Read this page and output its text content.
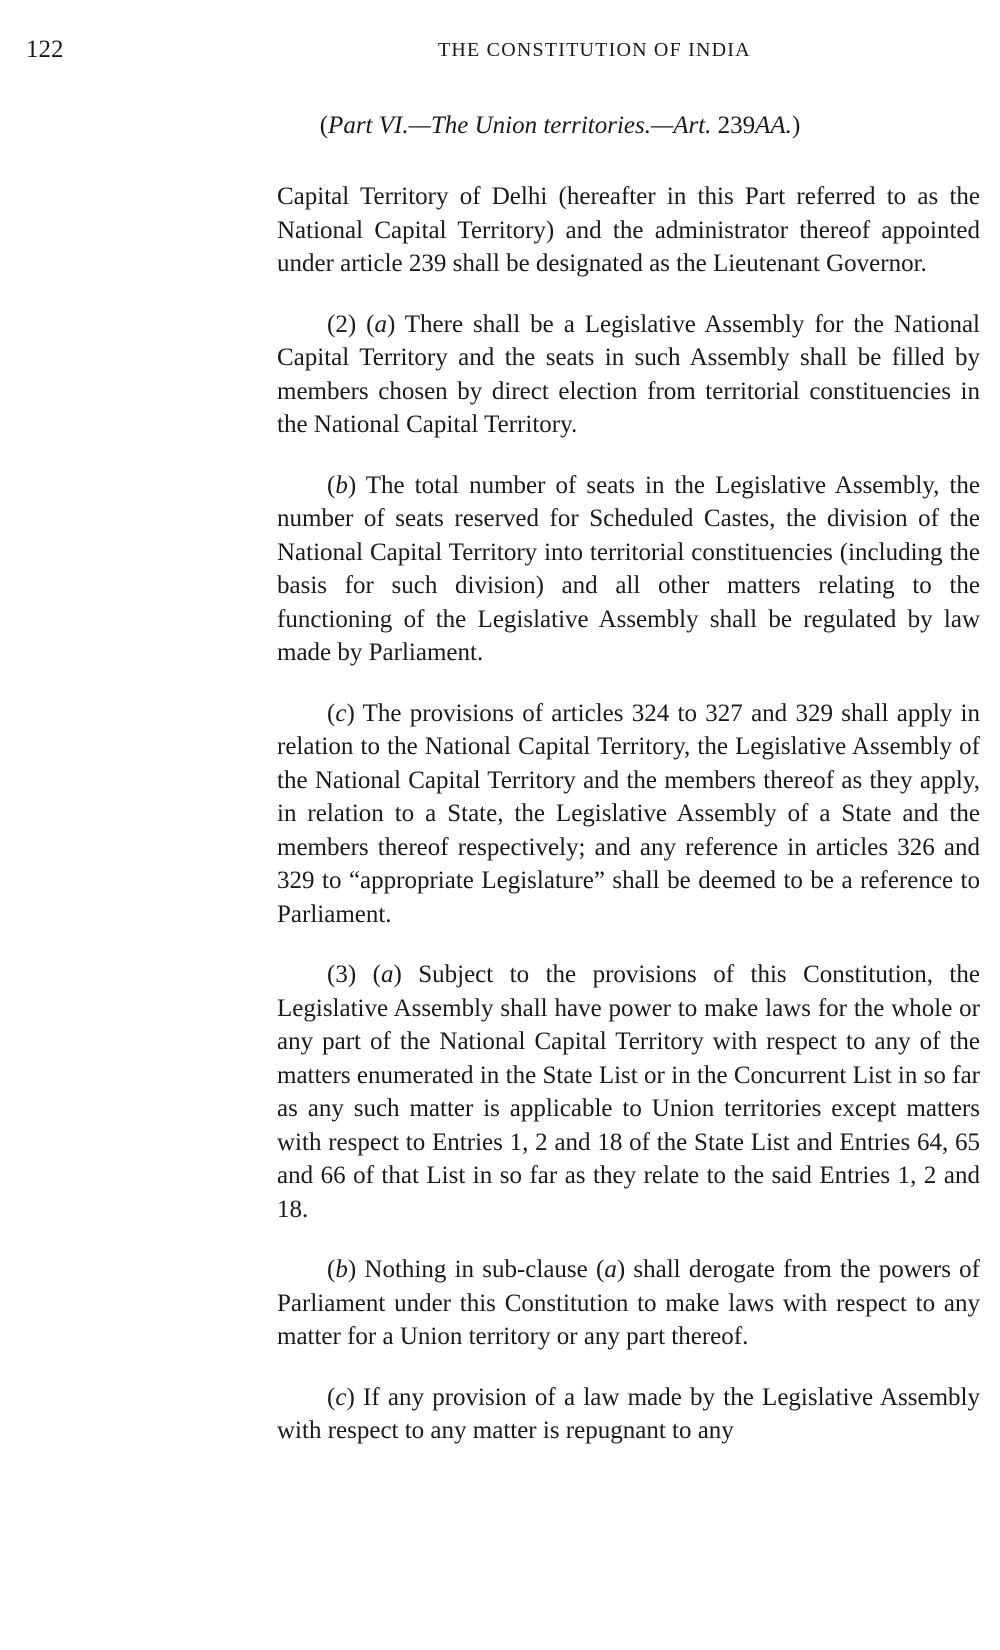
122	THE CONSTITUTION OF INDIA
(Part VI.—The Union territories.—Art. 239AA.)

Capital Territory of Delhi (hereafter in this Part referred to as the National Capital Territory) and the administrator thereof appointed under article 239 shall be designated as the Lieutenant Governor.

(2) (a) There shall be a Legislative Assembly for the National Capital Territory and the seats in such Assembly shall be filled by members chosen by direct election from territorial constituencies in the National Capital Territory.

(b) The total number of seats in the Legislative Assembly, the number of seats reserved for Scheduled Castes, the division of the National Capital Territory into territorial constituencies (including the basis for such division) and all other matters relating to the functioning of the Legislative Assembly shall be regulated by law made by Parliament.

(c) The provisions of articles 324 to 327 and 329 shall apply in relation to the National Capital Territory, the Legislative Assembly of the National Capital Territory and the members thereof as they apply, in relation to a State, the Legislative Assembly of a State and the members thereof respectively; and any reference in articles 326 and 329 to “appropriate Legislature” shall be deemed to be a reference to Parliament.

(3) (a) Subject to the provisions of this Constitution, the Legislative Assembly shall have power to make laws for the whole or any part of the National Capital Territory with respect to any of the matters enumerated in the State List or in the Concurrent List in so far as any such matter is applicable to Union territories except matters with respect to Entries 1, 2 and 18 of the State List and Entries 64, 65 and 66 of that List in so far as they relate to the said Entries 1, 2 and 18.

(b) Nothing in sub-clause (a) shall derogate from the powers of Parliament under this Constitution to make laws with respect to any matter for a Union territory or any part thereof.

(c) If any provision of a law made by the Legislative Assembly with respect to any matter is repugnant to any
